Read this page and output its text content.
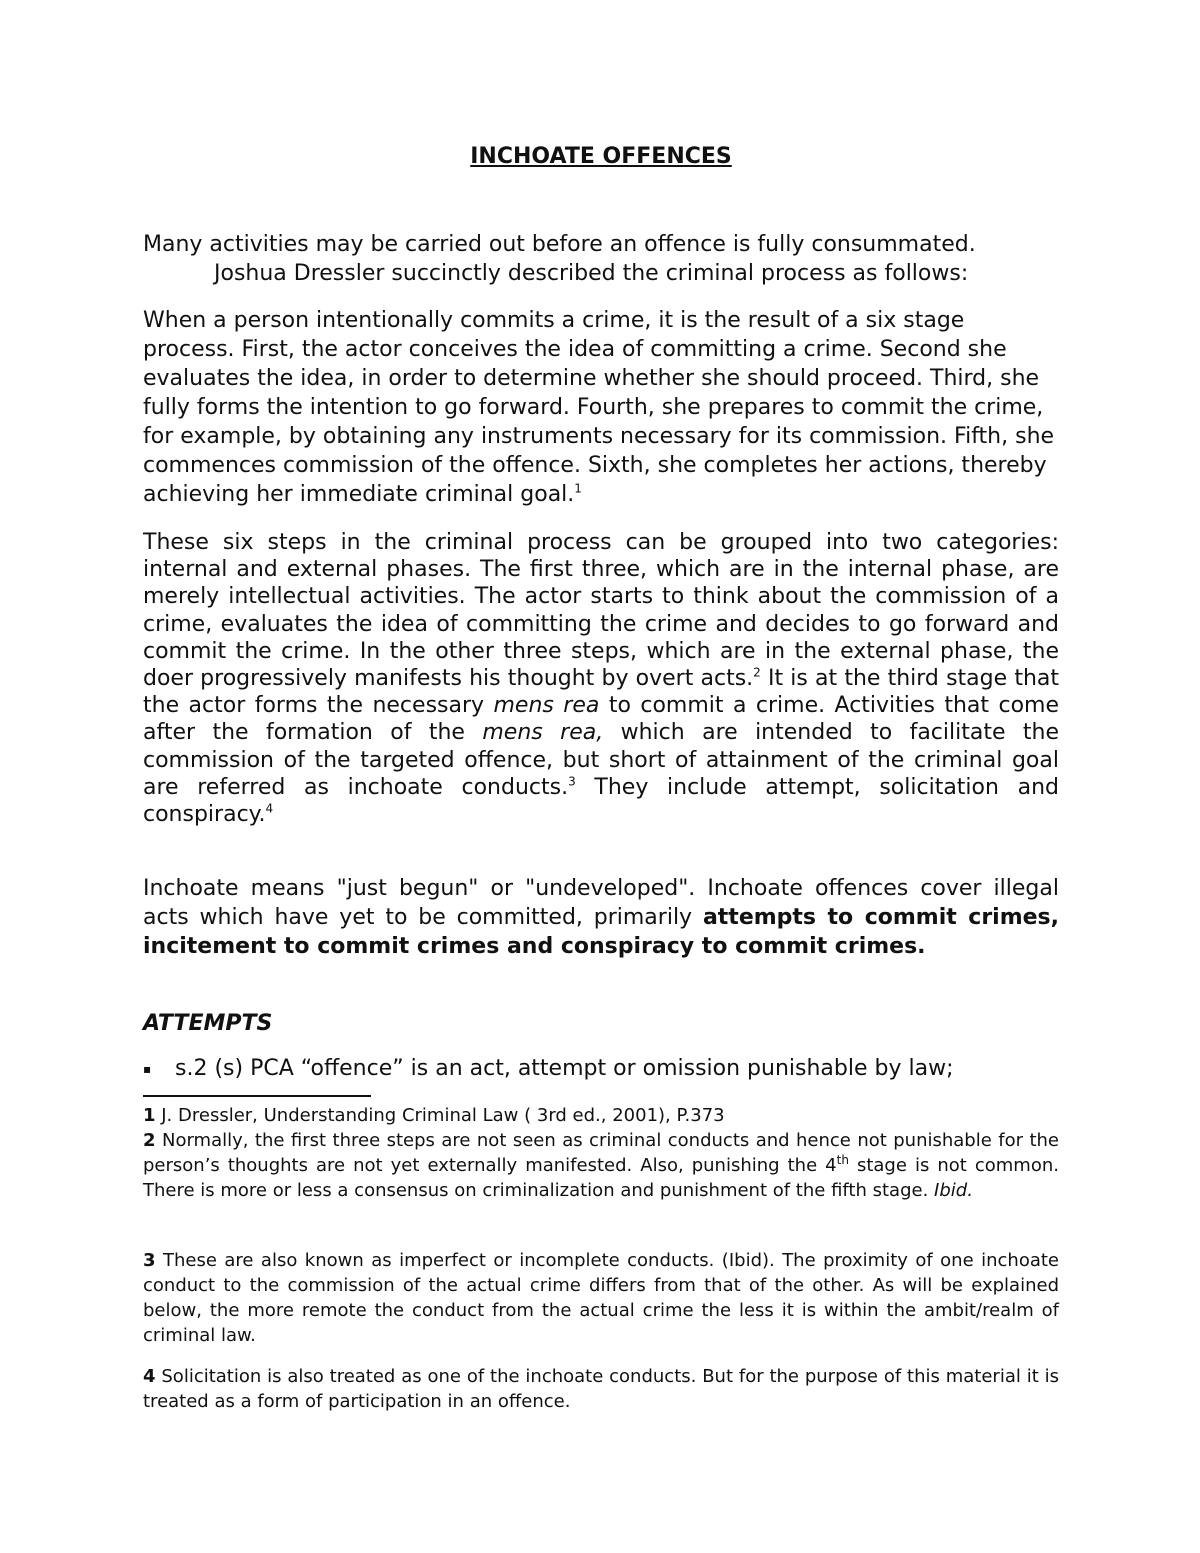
INCHOATE OFFENCES

Many activities may be carried out before an offence is fully consummated.

Joshua Dressler succinctly described the criminal process as follows:

When a person intentionally commits a crime, it is the result of a six stage process. First, the actor conceives the idea of committing a crime. Second she evaluates the idea, in order to determine whether she should proceed. Third, she fully forms the intention to go forward. Fourth, she prepares to commit the crime, for example, by obtaining any instruments necessary for its commission. Fifth, she commences commission of the offence. Sixth, she completes her actions, thereby achieving her immediate criminal goal.$^1$

These six steps in the criminal process can be grouped into two categories: internal and external phases. The first three, which are in the internal phase, are merely intellectual activities. The actor starts to think about the commission of a crime, evaluates the idea of committing the crime and decides to go forward and commit the crime. In the other three steps, which are in the external phase, the doer progressively manifests his thought by overt acts.$^2$ It is at the third stage that the actor forms the necessary mens rea to commit a crime. Activities that come after the formation of the mens rea, which are intended to facilitate the commission of the targeted offence, but short of attainment of the criminal goal are referred as inchoate conducts.$^3$ They include attempt, solicitation and conspiracy.$^4$

Inchoate means "just begun" or "undeveloped". Inchoate offences cover illegal acts which have yet to be committed, primarily attempts to commit crimes, incitement to commit crimes and conspiracy to commit crimes.

ATTEMPTS
▪ s.2 (s) PCA “offence” is an act, attempt or omission punishable by law;

1 J. Dressler, Understanding Criminal Law ( 3rd ed., 2001), P.373

2 Normally, the first three steps are not seen as criminal conducts and hence not punishable for the person’s thoughts are not yet externally manifested. Also, punishing the 4th stage is not common. There is more or less a consensus on criminalization and punishment of the fifth stage. Ibid.

3 These are also known as imperfect or incomplete conducts. (Ibid). The proximity of one inchoate conduct to the commission of the actual crime differs from that of the other. As will be explained below, the more remote the conduct from the actual crime the less it is within the ambit/realm of criminal law.

4 Solicitation is also treated as one of the inchoate conducts. But for the purpose of this material it is treated as a form of participation in an offence.
